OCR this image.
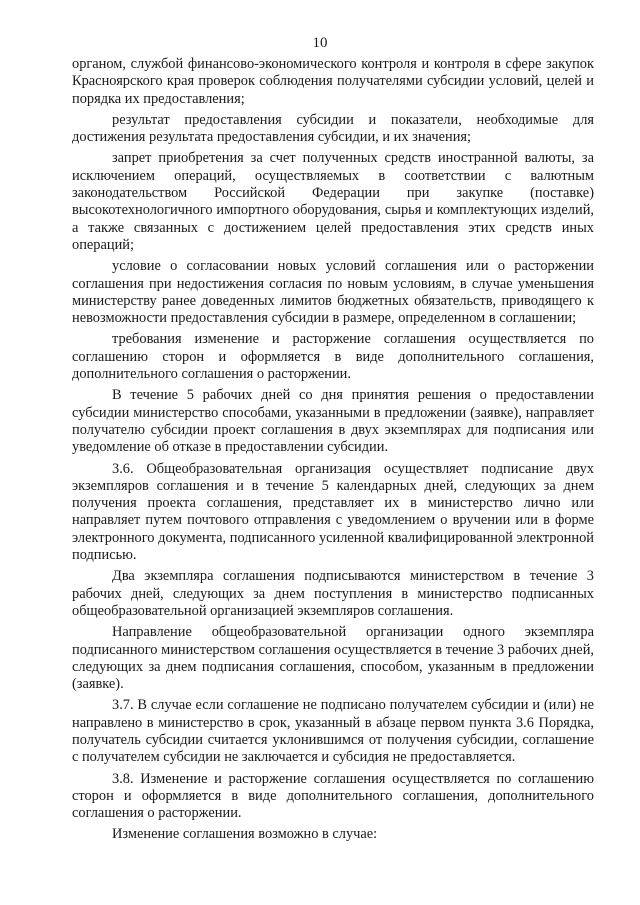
10

органом, службой финансово-экономического контроля и контроля в сфере закупок Красноярского края проверок соблюдения получателями субсидии условий, целей и порядка их предоставления;

результат предоставления субсидии и показатели, необходимые для достижения результата предоставления субсидии, и их значения;

запрет приобретения за счет полученных средств иностранной валюты, за исключением операций, осуществляемых в соответствии с валютным законодательством Российской Федерации при закупке (поставке) высокотехнологичного импортного оборудования, сырья и комплектующих изделий, а также связанных с достижением целей предоставления этих средств иных операций;

условие о согласовании новых условий соглашения или о расторжении соглашения при недостижения согласия по новым условиям, в случае уменьшения министерству ранее доведенных лимитов бюджетных обязательств, приводящего к невозможности предоставления субсидии в размере, определенном в соглашении;

требования изменение и расторжение соглашения осуществляется по соглашению сторон и оформляется в виде дополнительного соглашения, дополнительного соглашения о расторжении.

В течение 5 рабочих дней со дня принятия решения о предоставлении субсидии министерство способами, указанными в предложении (заявке), направляет получателю субсидии проект соглашения в двух экземплярах для подписания или уведомление об отказе в предоставлении субсидии.

3.6. Общеобразовательная организация осуществляет подписание двух экземпляров соглашения и в течение 5 календарных дней, следующих за днем получения проекта соглашения, представляет их в министерство лично или направляет путем почтового отправления с уведомлением о вручении или в форме электронного документа, подписанного усиленной квалифицированной электронной подписью.

Два экземпляра соглашения подписываются министерством в течение 3 рабочих дней, следующих за днем поступления в министерство подписанных общеобразовательной организацией экземпляров соглашения.

Направление общеобразовательной организации одного экземпляра подписанного министерством соглашения осуществляется в течение 3 рабочих дней, следующих за днем подписания соглашения, способом, указанным в предложении (заявке).

3.7. В случае если соглашение не подписано получателем субсидии и (или) не направлено в министерство в срок, указанный в абзаце первом пункта 3.6 Порядка, получатель субсидии считается уклонившимся от получения субсидии, соглашение с получателем субсидии не заключается и субсидия не предоставляется.

3.8. Изменение и расторжение соглашения осуществляется по соглашению сторон и оформляется в виде дополнительного соглашения, дополнительного соглашения о расторжении.

Изменение соглашения возможно в случае:
